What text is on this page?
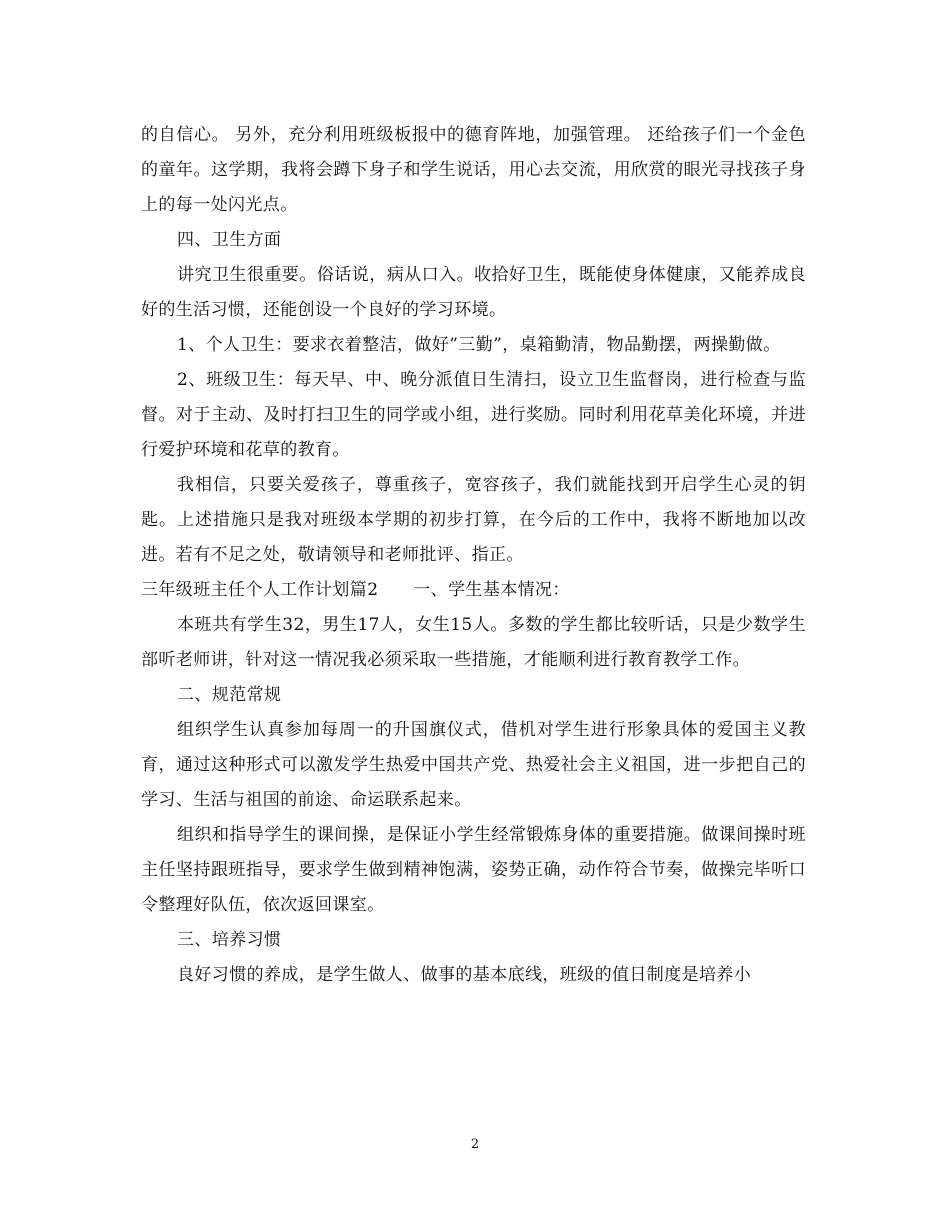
的自信心。 另外，充分利用班级板报中的德育阵地，加强管理。 还给孩子们一个金色的童年。这学期，我将会蹲下身子和学生说话，用心去交流，用欣赏的眼光寻找孩子身上的每一处闪光点。

四、卫生方面

讲究卫生很重要。俗话说，病从口入。收拾好卫生，既能使身体健康，又能养成良好的生活习惯，还能创设一个良好的学习环境。

1、个人卫生：要求衣着整洁，做好”三勤”，桌箱勤清，物品勤摆，两操勤做。

2、班级卫生：每天早、中、晚分派值日生清扫，设立卫生监督岗，进行检查与监督。对于主动、及时打扫卫生的同学或小组，进行奖励。同时利用花草美化环境，并进行爱护环境和花草的教育。

我相信，只要关爱孩子，尊重孩子，宽容孩子，我们就能找到开启学生心灵的钥匙。上述措施只是我对班级本学期的初步打算，在今后的工作中，我将不断地加以改进。若有不足之处，敬请领导和老师批评、指正。

三年级班主任个人工作计划篇2　　一、学生基本情况：

本班共有学生32，男生17人，女生15人。多数的学生都比较听话，只是少数学生部听老师讲，针对这一情况我必须采取一些措施，才能顺利进行教育教学工作。

二、规范常规

组织学生认真参加每周一的升国旗仪式，借机对学生进行形象具体的爱国主义教育，通过这种形式可以激发学生热爱中国共产党、热爱社会主义祖国，进一步把自己的学习、生活与祖国的前途、命运联系起来。

组织和指导学生的课间操，是保证小学生经常锻炼身体的重要措施。做课间操时班主任坚持跟班指导，要求学生做到精神饱满，姿势正确，动作符合节奏，做操完毕听口令整理好队伍，依次返回课室。

三、培养习惯

良好习惯的养成，是学生做人、做事的基本底线，班级的值日制度是培养小

2
